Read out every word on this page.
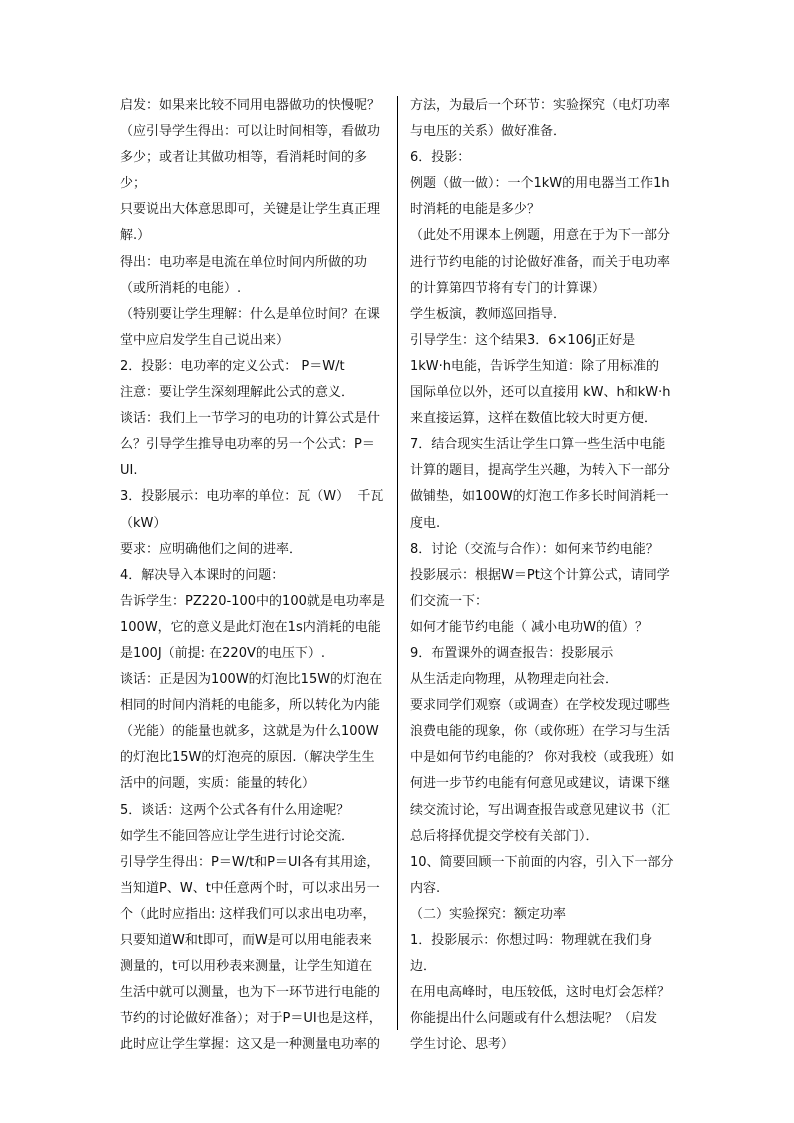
启发：如果来比较不同用电器做功的快慢呢？

（应引导学生得出：可以让时间相等，看做功

多少；或者让其做功相等，看消耗时间的多少；

只要说出大体意思即可，关键是让学生真正理

解.）

得出：电功率是电流在单位时间内所做的功

（或所消耗的电能）.

（特别要让学生理解：什么是单位时间？在课

堂中应启发学生自己说出来）

2．投影：电功率的定义公式： P＝W/t

注意：要让学生深刻理解此公式的意义．

谈话：我们上一节学习的电功的计算公式是什

么？引导学生推导电功率的另一个公式：P＝

UI.

3．投影展示：电功率的单位：瓦（W）  千瓦

（kW）

要求：应明确他们之间的进率．

4．解决导入本课时的问题：

告诉学生：PZ220-100中的100就是电功率是

100W，它的意义是此灯泡在1s内消耗的电能

是100J（前提: 在220V的电压下）.

谈话：正是因为100W的灯泡比15W的灯泡在

相同的时间内消耗的电能多，所以转化为内能

（光能）的能量也就多，这就是为什么100W

的灯泡比15W的灯泡亮的原因.（解决学生生

活中的问题，实质：能量的转化）

5．谈话：这两个公式各有什么用途呢？

如学生不能回答应让学生进行讨论交流．

引导学生得出：P＝W/t和P＝UI各有其用途，

当知道P、W、t中任意两个时，可以求出另一

个（此时应指出: 这样我们可以求出电功率，

只要知道W和t即可，而W是可以用电能表来

测量的，t可以用秒表来测量，让学生知道在

生活中就可以测量，也为下一环节进行电能的

节约的讨论做好准备）；对于P＝UI也是这样，

此时应让学生掌握：这又是一种测量电功率的

方法，为最后一个环节：实验探究（电灯功率

与电压的关系）做好准备．

6．投影：

例题（做一做）：一个1kW的用电器当工作1h

时消耗的电能是多少？

（此处不用课本上例题，用意在于为下一部分

进行节约电能的讨论做好准备，而关于电功率

的计算第四节将有专门的计算课）

学生板演，教师巡回指导．

引导学生：这个结果3．6×106J正好是

1kW·h电能，告诉学生知道：除了用标准的

国际单位以外，还可以直接用 kW、h和kW·h

来直接运算，这样在数值比较大时更方便．

7．结合现实生活让学生口算一些生活中电能

计算的题目，提高学生兴趣，为转入下一部分

做铺垫，如100W的灯泡工作多长时间消耗一

度电.

8．讨论（交流与合作）：如何来节约电能？

投影展示：根据W＝Pt这个计算公式，请同学

们交流一下：

如何才能节约电能（ 减小电功W的值）？

9．布置课外的调查报告：投影展示

从生活走向物理，从物理走向社会．

要求同学们观察（或调查）在学校发现过哪些

浪费电能的现象，你（或你班）在学习与生活

中是如何节约电能的？ 你对我校（或我班）如

何进一步节约电能有何意见或建议，请课下继

续交流讨论，写出调查报告或意见建议书（汇

总后将择优提交学校有关部门）．

10、简要回顾一下前面的内容，引入下一部分

内容.

（二）实验探究：额定功率

1．投影展示：你想过吗：物理就在我们身边．

在用电高峰时，电压较低，这时电灯会怎样？

你能提出什么问题或有什么想法呢？（启发

学生讨论、思考）
